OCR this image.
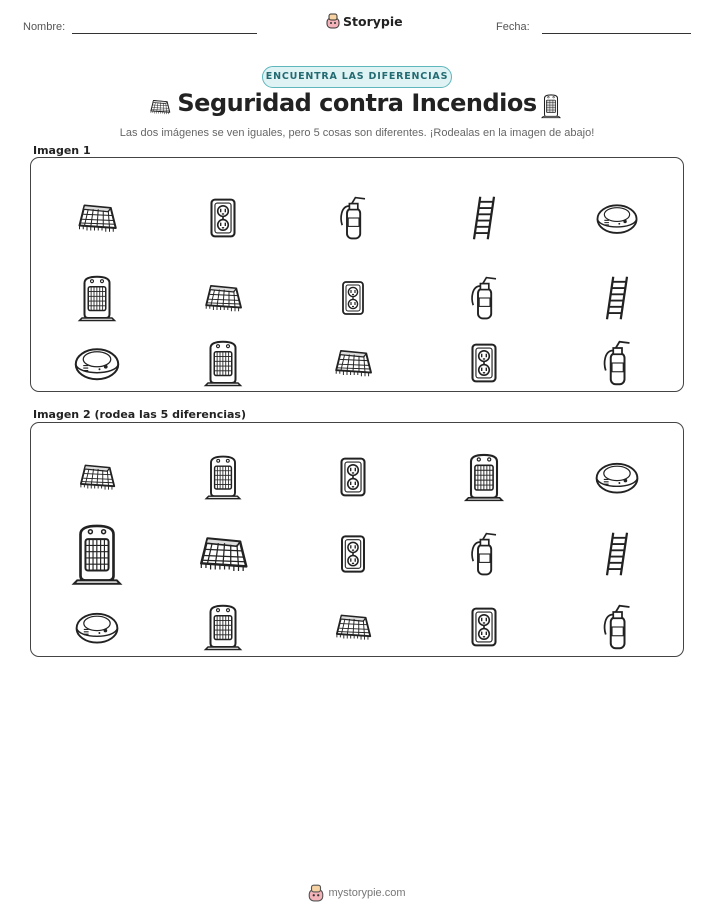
Nombre:	Storypie	Fecha:
ENCUENTRA LAS DIFERENCIAS
Seguridad contra Incendios
Las dos imágenes se ven iguales, pero 5 cosas son diferentes. ¡Rodealas en la imagen de abajo!
Imagen 1
Imagen 2 (rodea las 5 diferencias)
mystorypie.com
